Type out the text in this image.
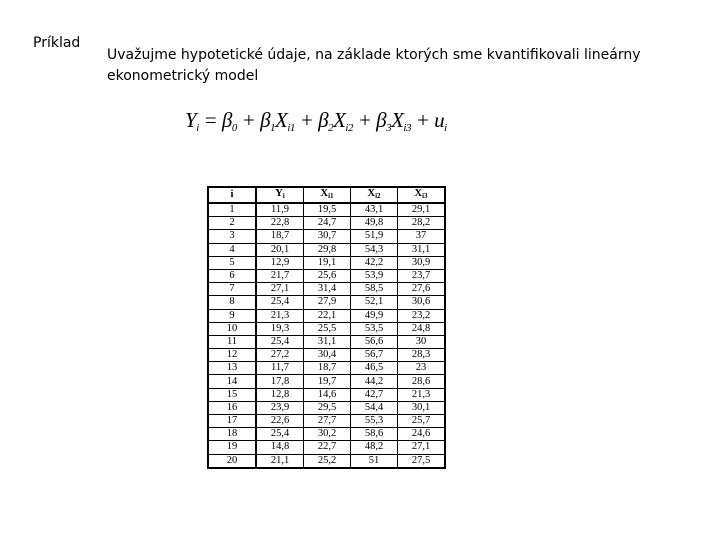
Príklad
Uvažujme hypotetické údaje, na základe ktorých sme kvantifikovali lineárny ekonometrický model
$Y_i = \beta_0 + \beta_1X_{i1} + \beta_2X_{i2} + \beta_3X_{i3} + u_i$
i	$Y_i$	$X_{i1}$	$X_{i2}$	$X_{i3}$
1	11,9	19,5	43,1	29,1
2	22,8	24,7	49,8	28,2
3	18,7	30,7	51,9	37
4	20,1	29,8	54,3	31,1
5	12,9	19,1	42,2	30,9
6	21,7	25,6	53,9	23,7
7	27,1	31,4	58,5	27,6
8	25,4	27,9	52,1	30,6
9	21,3	22,1	49,9	23,2
10	19,3	25,5	53,5	24,8
11	25,4	31,1	56,6	30
12	27,2	30,4	56,7	28,3
13	11,7	18,7	46,5	23
14	17,8	19,7	44,2	28,6
15	12,8	14,6	42,7	21,3
16	23,9	29,5	54,4	30,1
17	22,6	27,7	55,3	25,7
18	25,4	30,2	58,6	24,6
19	14,8	22,7	48,2	27,1
20	21,1	25,2	51	27,5
